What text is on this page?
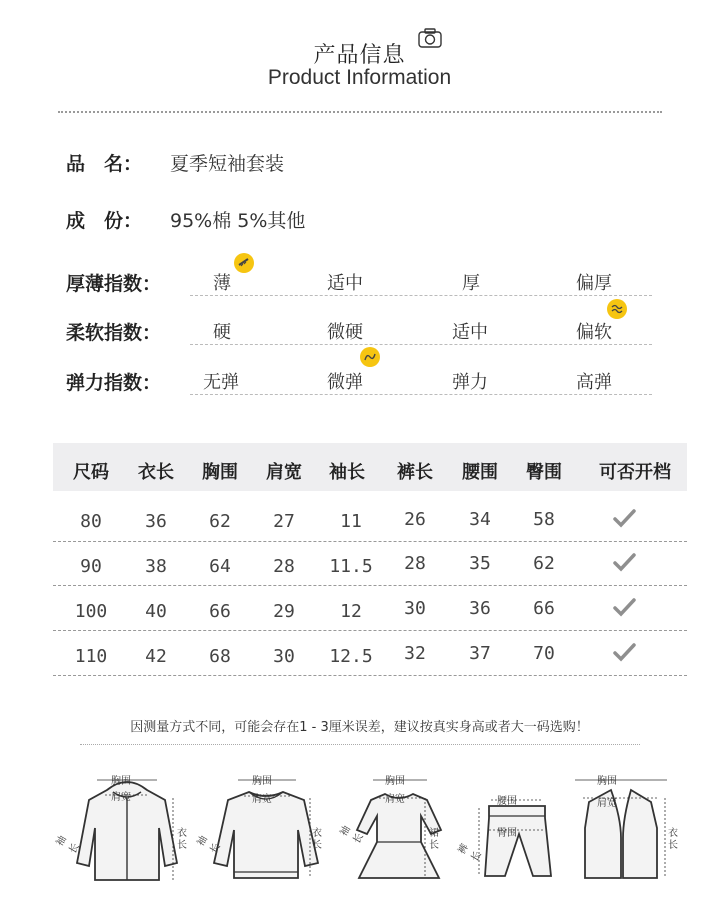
产品信息
Product Information
品　名： 夏季短袖套装
成　份： 95%棉 5%其他
厚薄指数：	薄	适中	厚	偏厚
柔软指数：	硬	微硬	适中	偏软
弹力指数： 无弹	微弹	弹力	高弹
尺码	衣长	胸围	肩宽	袖长	裤长	腰围	臀围	可否开档
80	36	62	27	11	26	34	58
90	38	64	28	11.5	28	35	62
100	40	66	29	12	30	36	66
110	42	68	30	12.5	32	37	70
因测量方式不同，可能会存在1 - 3厘米误差，建议按真实身高或者大一码选购！
胸围
肩宽
袖长
衣长
胸围
肩宽
袖长
衣长
胸围
肩宽
袖长	裙长
腰围
臀围
裤长
胸围
肩宽
衣长
